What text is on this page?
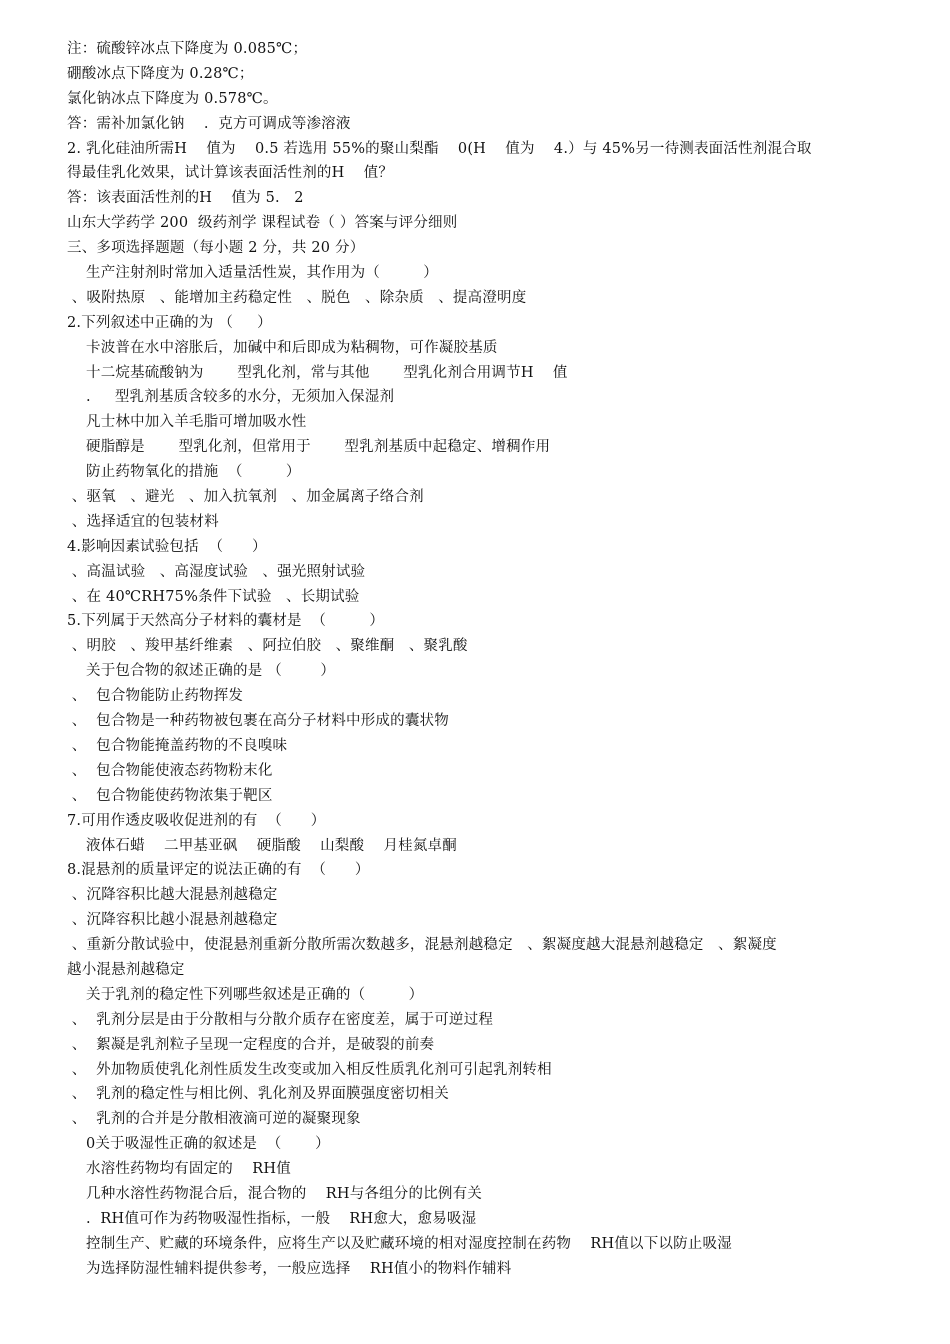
注：硫酸锌冰点下降度为 0.085℃；
硼酸冰点下降度为 0.28℃；
氯化钠冰点下降度为 0.578℃。
答：需补加氯化钠    .  克方可调成等渗溶液
2. 乳化硅油所需H    值为    0.5 若选用 55%的聚山梨酯    0(H    值为    4.）与 45%另一待测表面活性剂混合取
得最佳乳化效果，试计算该表面活性剂的H    值？
答：该表面活性剂的H    值为 5.   2
山东大学药学 200  级药剂学 课程试卷（ ）答案与评分细则
三、多项选择题题（每小题 2 分，共 20 分）
生产注射剂时常加入适量活性炭，其作用为（         ）
、吸附热原   、能增加主药稳定性   、脱色   、除杂质   、提高澄明度
2.下列叙述中正确的为 （     ）
卡波普在水中溶胀后，加碱中和后即成为粘稠物，可作凝胶基质
十二烷基硫酸钠为       型乳化剂，常与其他       型乳化剂合用调节H    值
.     型乳剂基质含较多的水分，无须加入保湿剂
凡士林中加入羊毛脂可增加吸水性
硬脂醇是       型乳化剂，但常用于       型乳剂基质中起稳定、增稠作用
防止药物氧化的措施  （         ）
、驱氧   、避光   、加入抗氧剂   、加金属离子络合剂
、选择适宜的包装材料
4.影响因素试验包括  （      ）
、高温试验   、高湿度试验   、强光照射试验
、在 40℃RH75%条件下试验   、长期试验
5.下列属于天然高分子材料的囊材是  （         ）
、明胶   、羧甲基纤维素   、阿拉伯胶   、聚维酮   、聚乳酸
关于包合物的叙述正确的是 （        ）
、  包合物能防止药物挥发
、  包合物是一种药物被包裹在高分子材料中形成的囊状物
、  包合物能掩盖药物的不良嗅味
、  包合物能使液态药物粉末化
、  包合物能使药物浓集于靶区
7.可用作透皮吸收促进剂的有  （      ）
液体石蜡    二甲基亚砜    硬脂酸    山梨酸    月桂氮卓酮
8.混悬剂的质量评定的说法正确的有  （      ）
、沉降容积比越大混悬剂越稳定
、沉降容积比越小混悬剂越稳定
、重新分散试验中，使混悬剂重新分散所需次数越多，混悬剂越稳定   、絮凝度越大混悬剂越稳定   、絮凝度
越小混悬剂越稳定
关于乳剂的稳定性下列哪些叙述是正确的（         ）
、  乳剂分层是由于分散相与分散介质存在密度差，属于可逆过程
、  絮凝是乳剂粒子呈现一定程度的合并，是破裂的前奏
、  外加物质使乳化剂性质发生改变或加入相反性质乳化剂可引起乳剂转相
、  乳剂的稳定性与相比例、乳化剂及界面膜强度密切相关
、  乳剂的合并是分散相液滴可逆的凝聚现象
0关于吸湿性正确的叙述是  （       ）
水溶性药物均有固定的    RH值
几种水溶性药物混合后，混合物的    RH与各组分的比例有关
.  RH值可作为药物吸湿性指标，一般    RH愈大，愈易吸湿
控制生产、贮藏的环境条件，应将生产以及贮藏环境的相对湿度控制在药物    RH值以下以防止吸湿
为选择防湿性辅料提供参考，一般应选择    RH值小的物料作辅料
